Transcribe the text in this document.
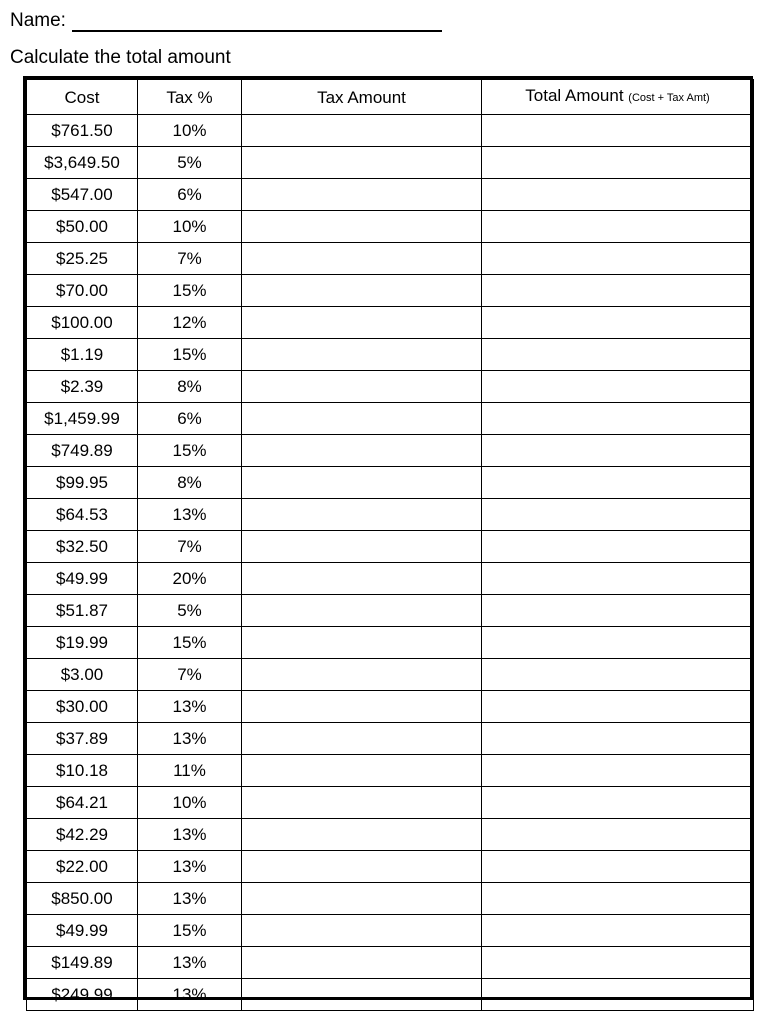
Name:
Calculate the total amount
Cost	Tax %	Tax Amount	Total Amount (Cost + Tax Amt)
$761.50	10%		
$3,649.50	5%		
$547.00	6%		
$50.00	10%		
$25.25	7%		
$70.00	15%		
$100.00	12%		
$1.19	15%		
$2.39	8%		
$1,459.99	6%		
$749.89	15%		
$99.95	8%		
$64.53	13%		
$32.50	7%		
$49.99	20%		
$51.87	5%		
$19.99	15%		
$3.00	7%		
$30.00	13%		
$37.89	13%		
$10.18	11%		
$64.21	10%		
$42.29	13%		
$22.00	13%		
$850.00	13%		
$49.99	15%		
$149.89	13%		
$249.99	13%		
